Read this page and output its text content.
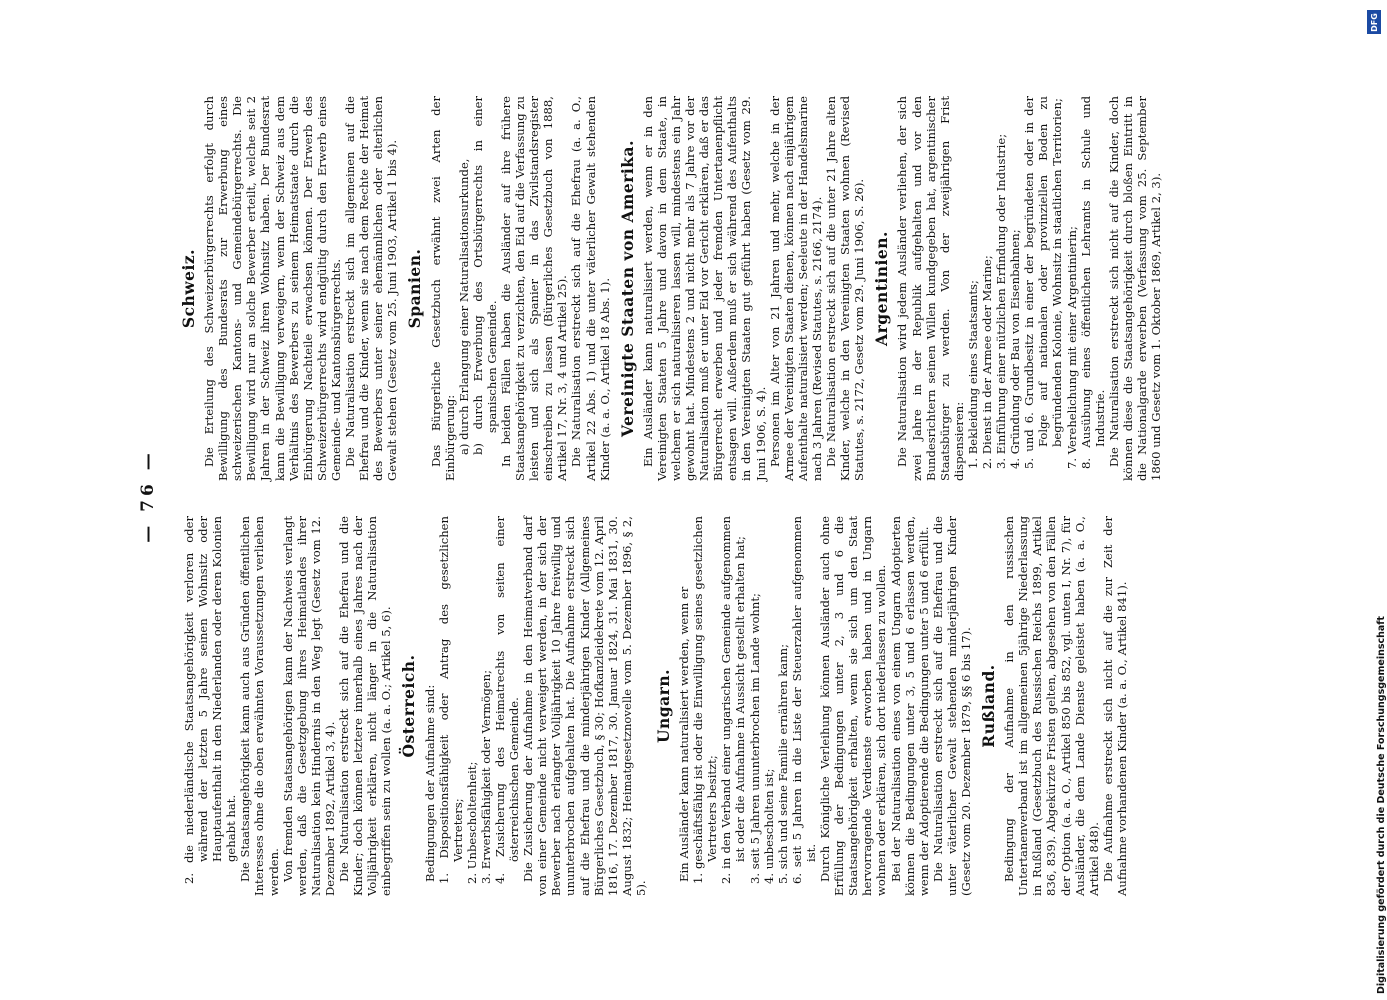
— 76 —

2. die niederländische Staatsangehörigkeit verloren oder während der letzten 5 Jahre seinen Wohnsitz oder Hauptaufenthalt in den Niederlanden oder deren Kolonien gehabt hat. Die Staatsangehörigkeit kann auch aus Gründen öffentlichen Interesses ohne die oben erwähnten Voraussetzungen verliehen werden. Von fremden Staatsangehörigen kann der Nachweis verlangt werden, daß die Gesetzgebung ihres Heimatlandes ihrer Naturalisation kein Hindernis in den Weg legt (Gesetz vom 12. Dezember 1892, Artikel 3, 4). Die Naturalisation erstreckt sich auf die Ehefrau und die Kinder; doch können letztere innerhalb eines Jahres nach der Volljährigkeit erklären, nicht länger in die Naturalisation einbegriffen sein zu wollen (a. a. O.; Artikel 5, 6). Österreich. Bedingungen der Aufnahme sind: 1. Dispositionsfähigkeit oder Antrag des gesetzlichen Vertreters; 2. Unbescholtenheit; 3. Erwerbsfähigkeit oder Vermögen; 4. Zusicherung des Heimatrechts von seiten einer österreichischen Gemeinde. Die Zusicherung der Aufnahme in den Heimatverband darf von einer Gemeinde nicht verweigert werden, in der sich der Bewerber nach erlangter Volljährigkeit 10 Jahre freiwillig und ununterbrochen aufgehalten hat. Die Aufnahme erstreckt sich auf die Ehefrau und die minderjährigen Kinder (Allgemeines Bürgerliches Gesetzbuch, § 30; Hofkanzleidekrete vom 12. April 1816, 17. Dezember 1817, 30. Januar 1824, 31. Mai 1831, 30. August 1832; Heimatgesetznovelle vom 5. Dezember 1896, § 2, 5).

Ungarn. Ein Ausländer kann naturalisiert werden, wenn er 1. geschäftsfähig ist oder die Einwilligung seines gesetzlichen Vertreters besitzt; 2. in den Verband einer ungarischen Gemeinde aufgenommen ist oder die Aufnahme in Aussicht gestellt erhalten hat; 3. seit 5 Jahren ununterbrochen im Lande wohnt; 4. unbescholten ist; 5. sich und seine Familie ernähren kann; 6. seit 5 Jahren in die Liste der Steuerzahler aufgenommen ist. Durch Königliche Verleihung können Ausländer auch ohne Erfüllung der Bedingungen unter 2, 3 und 6 die Staatsangehörigkeit erhalten, wenn sie sich um den Staat hervorragende Verdienste erworben haben und in Ungarn wohnen oder erklären, sich dort niederlassen zu wollen. Bei der Naturalisation eines von einem Ungarn Adoptierten können die Bedingungen unter 3, 5 und 6 erlassen werden, wenn der Adoptierende die Bedingungen unter 5 und 6 erfüllt. Die Naturalisation erstreckt sich auf die Ehefrau und die unter väterlicher Gewalt stehenden minderjährigen Kinder (Gesetz vom 20. Dezember 1879, §§ 6 bis 17). Rußland. Bedingung der Aufnahme in den russischen Untertanenverband ist im allgemeinen 5jährige Niederlassung in Rußland (Gesetzbuch des Russischen Reichs 1899, Artikel 836, 839). Abgekürzte Fristen gelten, abgesehen von den Fällen der Option (a. a. O., Artikel 850 bis 852, vgl. unten I, Nr. 7), für Ausländer, die dem Lande Dienste geleistet haben (a. a. O., Artikel 848). Die Aufnahme erstreckt sich nicht auf die zur Zeit der Aufnahme vorhandenen Kinder (a. a. O., Artikel 841).

Schweiz. Die Erteilung des Schweizerbürgerrechts erfolgt durch Bewilligung des Bundesrats zur Erwerbung eines schweizerischen Kantons- und Gemeindebürgerrechts. Die Bewilligung wird nur an solche Bewerber erteilt, welche seit 2 Jahren in der Schweiz ihren Wohnsitz haben. Der Bundesrat kann die Bewilligung verweigern, wenn der Schweiz aus dem Verhältnis des Bewerbers zu seinem Heimatstaate durch die Einbürgerung Nachteile erwachsen können. Der Erwerb des Schweizerbürgerrechts wird endgültig durch den Erwerb eines Gemeinde- und Kantonsbürgerrechts. Die Naturalisation erstreckt sich im allgemeinen auf die Ehefrau und die Kinder, wenn sie nach dem Rechte der Heimat des Bewerbers unter seiner ehemännlichen oder elterlichen Gewalt stehen (Gesetz vom 25. Juni 1903, Artikel 1 bis 4). Spanien. Das Bürgerliche Gesetzbuch erwähnt zwei Arten der Einbürgerung: a) durch Erlangung einer Naturalisationsurkunde, b) durch Erwerbung des Ortsbürgerrechts in einer spanischen Gemeinde. In beiden Fällen haben die Ausländer auf ihre frühere Staatsangehörigkeit zu verzichten, den Eid auf die Verfassung zu leisten und sich als Spanier in das Zivilstandsregister einschreiben zu lassen (Bürgerliches Gesetzbuch von 1888, Artikel 17, Nr. 3, 4 und Artikel 25). Die Naturalisation erstreckt sich auf die Ehefrau (a. a. O., Artikel 22 Abs. 1) und die unter väterlicher Gewalt stehenden Kinder (a. a. O., Artikel 18 Abs. 1). Vereinigte Staaten von Amerika. Ein Ausländer kann naturalisiert werden, wenn er in den Vereinigten Staaten 5 Jahre und davon in dem Staate, in welchem er sich naturalisieren lassen will, mindestens ein Jahr gewohnt hat. Mindestens 2 und nicht mehr als 7 Jahre vor der Naturalisation muß er unter Eid vor Gericht erklären, daß er das Bürgerrecht erwerben und jeder fremden Untertanenpflicht entsagen will. Außerdem muß er sich während des Aufenthalts in den Vereinigten Staaten gut geführt haben (Gesetz vom 29. Juni 1906, S. 4). Personen im Alter von 21 Jahren und mehr, welche in der Armee der Vereinigten Staaten dienen, können nach einjährigem Aufenthalte naturalisiert werden; Seeleute in der Handelsmarine nach 3 Jahren (Revised Statutes, s. 2166, 2174). Die Naturalisation erstreckt sich auf die unter 21 Jahre alten Kinder, welche in den Vereinigten Staaten wohnen (Revised Statutes, s. 2172, Gesetz vom 29. Juni 1906, S. 26). Argentinien. Die Naturalisation wird jedem Ausländer verliehen, der sich zwei Jahre in der Republik aufgehalten und vor den Bundesrichtern seinen Willen kundgegeben hat, argentinischer Staatsbürger zu werden. Von der zweijährigen Frist dispensieren: 1. Bekleidung eines Staatsamts; 2. Dienst in der Armee oder Marine; 3. Einführung einer nützlichen Erfindung oder Industrie; 4. Gründung oder Bau von Eisenbahnen; 5. und 6. Grundbesitz in einer der begründeten oder in der Folge auf nationalen oder provinziellen Boden zu begründenden Kolonie, Wohnsitz in staatlichen Territorien; 7. Verehelichung mit einer Argentinierin; 8. Ausübung eines öffentlichen Lehramts in Schule und Industrie. Die Naturalisation erstreckt sich nicht auf die Kinder, doch können diese die Staatsangehörigkeit durch bloßen Eintritt in die Nationalgarde erwerben (Verfassung vom 25. September 1860 und Gesetz vom 1. Oktober 1869, Artikel 2, 3).

DFG
Digitalisierung gefördert durch die Deutsche Forschungsgemeinschaft
